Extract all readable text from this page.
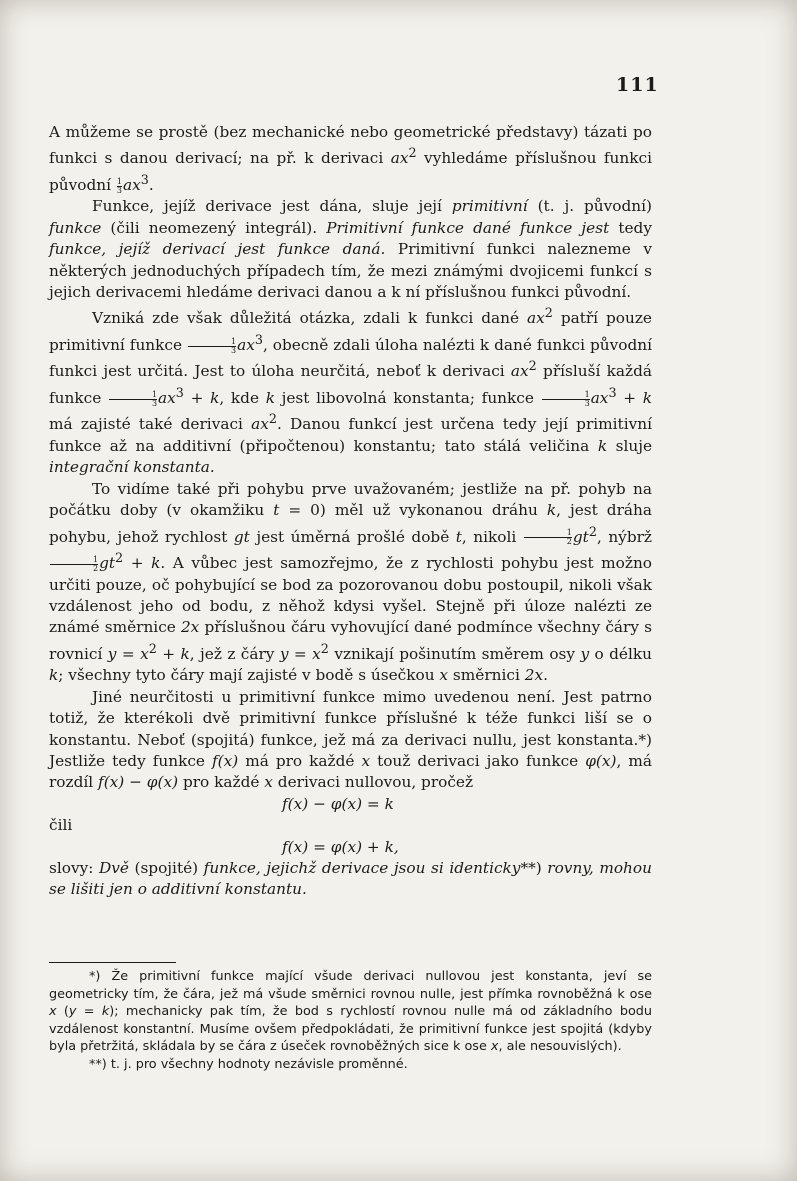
111

A můžeme se prostě (bez mechanické nebo geometrické představy) tázati po funkci s danou derivací; na př. k derivaci $ax^2$ vyhledáme příslušnou funkci původní $\frac{1}{3} ax^3$.

Funkce, jejíž derivace jest dána, sluje její primitivní (t. j. původní) funkce (čili neomezený integrál). Primitivní funkce dané funkce jest tedy funkce, jejíž derivací jest funkce daná. Primitivní funkci nalezneme v některých jednoduchých případech tím, že mezi známými dvojicemi funkcí s jejich derivacemi hledáme derivaci danou a k ní příslušnou funkci původní.

Vzniká zde však důležitá otázka, zdali k funkci dané $ax^2$ patří pouze primitivní funkce $\frac{1}{3} ax^3$, obecně zdali úloha nalézti k dané funkci původní funkci jest určitá. Jest to úloha neurčitá, neboť k derivaci $ax^2$ přísluší každá funkce $\frac{1}{3} ax^3 + k$, kde k jest libovolná konstanta; funkce $\frac{1}{3} ax^3 + k$ má zajisté také derivaci $ax^2$. Danou funkcí jest určena tedy její primitivní funkce až na additivní (připočtenou) konstantu; tato stálá veličina k sluje integrační konstanta.

To vidíme také při pohybu prve uvažovaném; jestliže na př. pohyb na počátku doby (v okamžiku t = 0) měl už vykonanou dráhu k, jest dráha pohybu, jehož rychlost gt jest úměrná prošlé době t, nikoli $\frac{1}{2} gt^2$, nýbrž
$\frac{1}{2} gt^2 + k$. A vůbec jest samozřejmo, že z rychlosti pohybu jest možno určiti pouze, oč pohybující se bod za pozorovanou dobu postoupil, nikoli však vzdálenost jeho od bodu, z něhož kdysi vyšel. Stejně při úloze nalézti ze známé směrnice 2x příslušnou čáru vyhovující dané podmínce všechny čáry s rovnicí $y = x^2 + k$, jež z čáry $y = x^2$ vznikají pošinutím směrem osy y o délku k; všechny tyto čáry mají zajisté v bodě s úsečkou x směrnici 2x.

Jiné neurčitosti u primitivní funkce mimo uvedenou není. Jest patrno totiž, že kterékoli dvě primitivní funkce příslušné k téže funkci liší se o konstantu. Neboť (spojitá) funkce, jež má za derivaci nullu, jest konstanta.*) Jestliže tedy funkce f(x) má pro každé x touž derivaci jako funkce φ(x), má rozdíl f(x) − φ(x) pro každé x derivaci nullovou, pročež

f(x) − φ(x) = k

čili

f(x) = φ(x) + k,

slovy: Dvě (spojité) funkce, jejichž derivace jsou si identicky**) rovny, mohou se lišiti jen o additivní konstantu.

*) Že primitivní funkce mající všude derivaci nullovou jest konstanta, jeví se geometricky tím, že čára, jež má všude směrnici rovnou nulle, jest přímka rovnoběžná k ose x (y = k); mechanicky pak tím, že bod s rychlostí rovnou nulle má od základního bodu vzdálenost konstantní. Musíme ovšem předpokládati, že primitivní funkce jest spojitá (kdyby byla přetržitá, skládala by se čára z úseček rovnoběžných sice k ose x, ale nesouvislých).

**) t. j. pro všechny hodnoty nezávisle proměnné.
